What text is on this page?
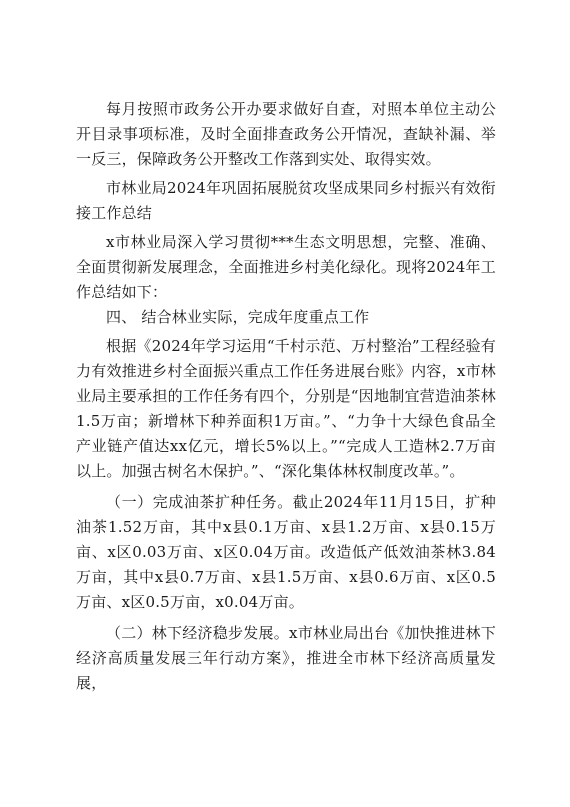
每月按照市政务公开办要求做好自查，对照本单位主动公开目录事项标准，及时全面排查政务公开情况，查缺补漏、举一反三，保障政务公开整改工作落到实处、取得实效。

市林业局2024年巩固拓展脱贫攻坚成果同乡村振兴有效衔接工作总结

x市林业局深入学习贯彻***生态文明思想，完整、准确、全面贯彻新发展理念，全面推进乡村美化绿化。现将2024年工作总结如下：

四、 结合林业实际，完成年度重点工作

根据《2024年学习运用“千村示范、万村整治”工程经验有力有效推进乡村全面振兴重点工作任务进展台账》内容，x市林业局主要承担的工作任务有四个，分别是“因地制宜营造油茶林1.5万亩；新增林下种养面积1万亩。”、“力争十大绿色食品全产业链产值达xx亿元，增长5%以上。”“完成人工造林2.7万亩以上。加强古树名木保护。”、“深化集体林权制度改革。”。

（一）完成油茶扩种任务。截止2024年11月15日，扩种油茶1.52万亩，其中x县0.1万亩、x县1.2万亩、x县0.15万亩、x区0.03万亩、x区0.04万亩。改造低产低效油茶林3.84万亩，其中x县0.7万亩、x县1.5万亩、x县0.6万亩、x区0.5万亩、x区0.5万亩，x0.04万亩。

（二）林下经济稳步发展。x市林业局出台《加快推进林下经济高质量发展三年行动方案》，推进全市林下经济高质量发展，
